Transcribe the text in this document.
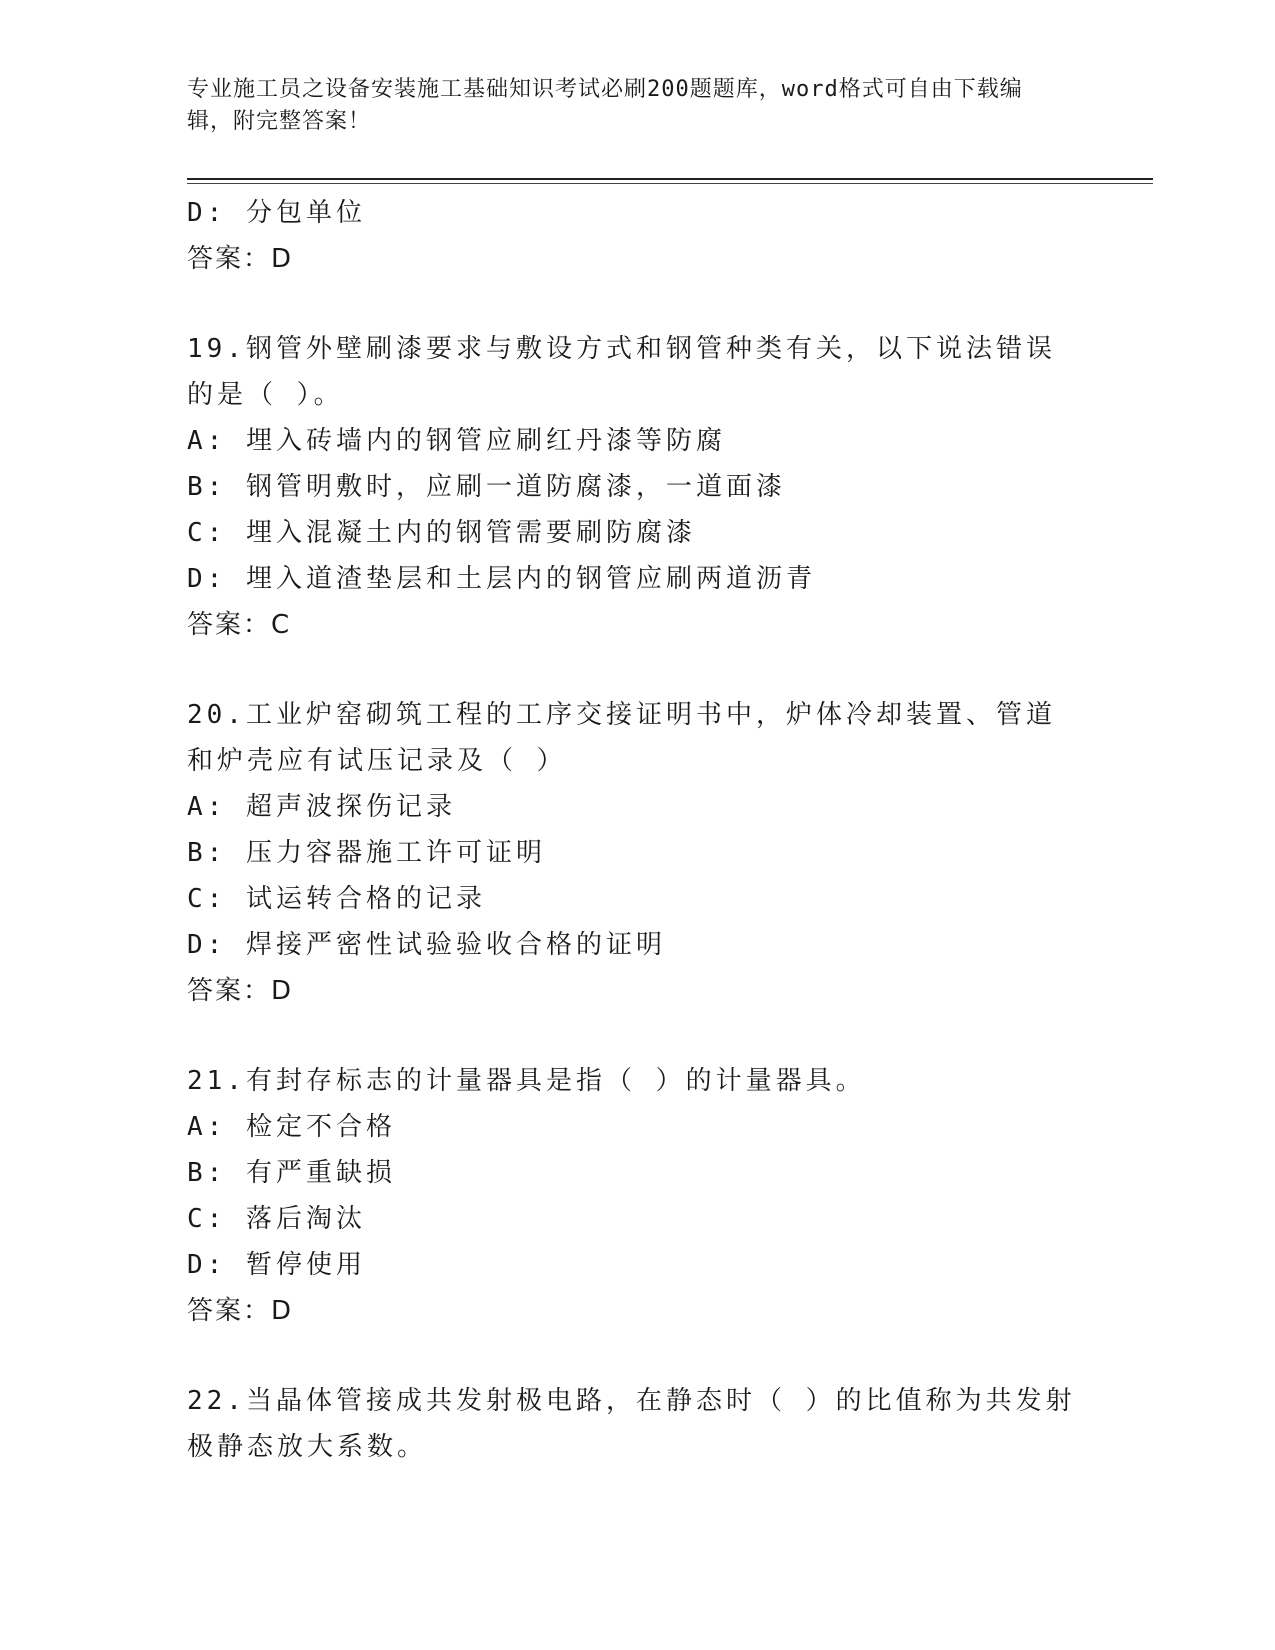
专业施工员之设备安装施工基础知识考试必刷200题题库，word格式可自由下载编辑，附完整答案！
D: 分包单位
答案：D
19.钢管外壁刷漆要求与敷设方式和钢管种类有关，以下说法错误的是（ ）。
A: 埋入砖墙内的钢管应刷红丹漆等防腐
B: 钢管明敷时，应刷一道防腐漆，一道面漆
C: 埋入混凝土内的钢管需要刷防腐漆
D: 埋入道渣垫层和土层内的钢管应刷两道沥青
答案：C
20.工业炉窑砌筑工程的工序交接证明书中，炉体冷却装置、管道和炉壳应有试压记录及（ ）
A: 超声波探伤记录
B: 压力容器施工许可证明
C: 试运转合格的记录
D: 焊接严密性试验验收合格的证明
答案：D
21.有封存标志的计量器具是指（ ）的计量器具。
A: 检定不合格
B: 有严重缺损
C: 落后淘汰
D: 暂停使用
答案：D
22.当晶体管接成共发射极电路，在静态时（ ）的比值称为共发射极静态放大系数。
